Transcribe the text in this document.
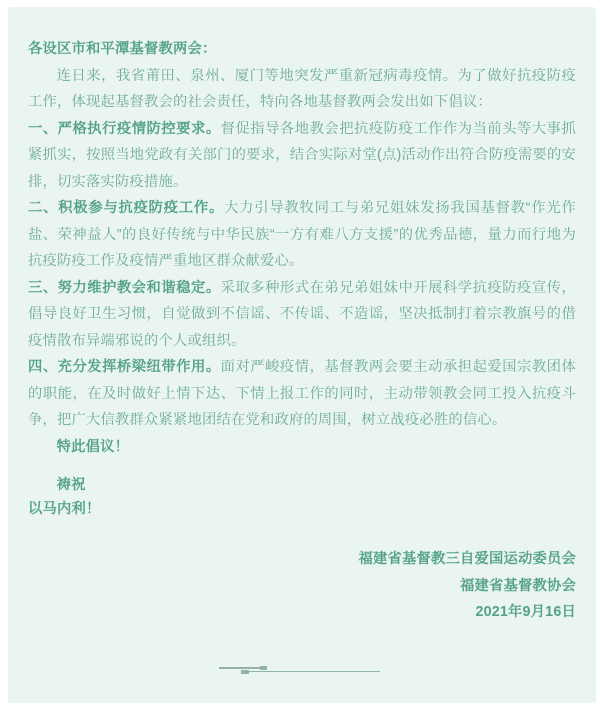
各设区市和平潭基督教两会：

连日来，我省莆田、泉州、厦门等地突发严重新冠病毒疫情。为了做好抗疫防疫工作，体现起基督教会的社会责任，特向各地基督教两会发出如下倡议：

一、严格执行疫情防控要求。督促指导各地教会把抗疫防疫工作作为当前头等大事抓紧抓实，按照当地党政有关部门的要求，结合实际对堂(点)活动作出符合防疫需要的安排，切实落实防疫措施。

二、积极参与抗疫防疫工作。大力引导教牧同工与弟兄姐妹发扬我国基督教“作光作盐、荣神益人”的良好传统与中华民族“一方有难八方支援”的优秀品德，量力而行地为抗疫防疫工作及疫情严重地区群众献爱心。

三、努力维护教会和谐稳定。采取多种形式在弟兄弟姐妹中开展科学抗疫防疫宣传，倡导良好卫生习惯，自觉做到不信谣、不传谣、不造谣，坚决抵制打着宗教旗号的借疫情散布异端邪说的个人或组织。

四、充分发挥桥梁纽带作用。面对严峻疫情，基督教两会要主动承担起爱国宗教团体的职能，在及时做好上情下达、下情上报工作的同时，主动带领教会同工投入抗疫斗争，把广大信教群众紧紧地团结在党和政府的周围，树立战疫必胜的信心。

特此倡议！

祷祝

以马内利！

福建省基督教三自爱国运动委员会

福建省基督教协会

2021年9月16日
